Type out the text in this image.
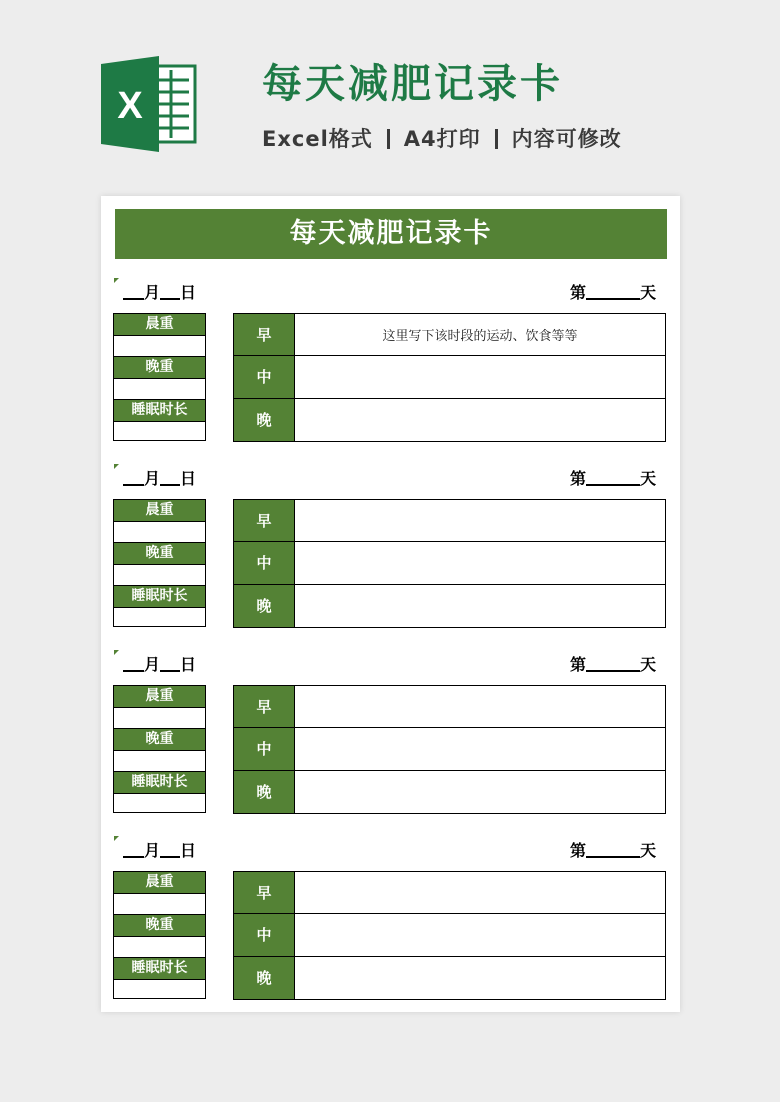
X	每天减肥记录卡
Excel格式 A4打印 内容可修改
每天减肥记录卡
月 日	第	天
晨重
晚重
睡眠时长
早	这里写下该时段的运动、饮食等等
中
晚
月 日	第	天
晨重
晚重
睡眠时长
早
中
晚
月 日	第	天
晨重
晚重
睡眠时长
早
中
晚
月 日	第	天
晨重
晚重
睡眠时长
早
中
晚
